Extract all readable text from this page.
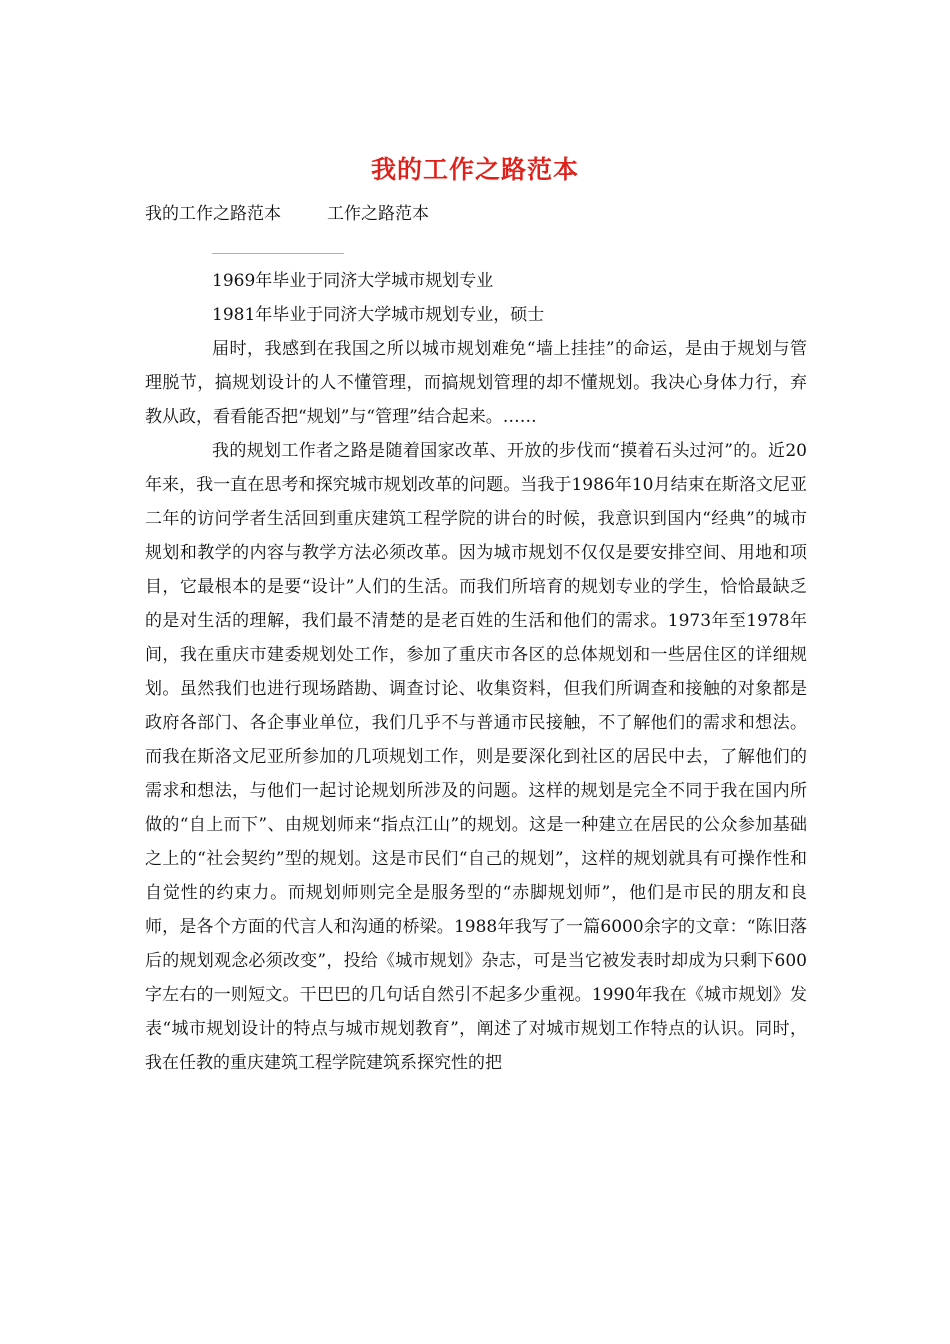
我的工作之路范本
我的工作之路范本	工作之路范本

1969年毕业于同济大学城市规划专业

1981年毕业于同济大学城市规划专业，硕士

届时，我感到在我国之所以城市规划难免“墙上挂挂”的命运，是由于规划与管理脱节，搞规划设计的人不懂管理，而搞规划管理的却不懂规划。我决心身体力行，弃教从政，看看能否把“规划”与“管理”结合起来。……

我的规划工作者之路是随着国家改革、开放的步伐而“摸着石头过河”的。近20年来，我一直在思考和探究城市规划改革的问题。当我于1986年10月结束在斯洛文尼亚二年的访问学者生活回到重庆建筑工程学院的讲台的时候，我意识到国内“经典”的城市规划和教学的内容与教学方法必须改革。因为城市规划不仅仅是要安排空间、用地和项目，它最根本的是要“设计”人们的生活。而我们所培育的规划专业的学生，恰恰最缺乏的是对生活的理解，我们最不清楚的是老百姓的生活和他们的需求。1973年至1978年间，我在重庆市建委规划处工作，参加了重庆市各区的总体规划和一些居住区的详细规划。虽然我们也进行现场踏勘、调查讨论、收集资料，但我们所调查和接触的对象都是政府各部门、各企事业单位，我们几乎不与普通市民接触，不了解他们的需求和想法。而我在斯洛文尼亚所参加的几项规划工作，则是要深化到社区的居民中去，了解他们的需求和想法，与他们一起讨论规划所涉及的问题。这样的规划是完全不同于我在国内所做的“自上而下”、由规划师来“指点江山”的规划。这是一种建立在居民的公众参加基础之上的“社会契约”型的规划。这是市民们“自己的规划”，这样的规划就具有可操作性和自觉性的约束力。而规划师则完全是服务型的“赤脚规划师”，他们是市民的朋友和良师，是各个方面的代言人和沟通的桥梁。1988年我写了一篇6000余字的文章：“陈旧落后的规划观念必须改变”，投给《城市规划》杂志，可是当它被发表时却成为只剩下600字左右的一则短文。干巴巴的几句话自然引不起多少重视。1990年我在《城市规划》发表“城市规划设计的特点与城市规划教育”，阐述了对城市规划工作特点的认识。同时，我在任教的重庆建筑工程学院建筑系探究性的把
